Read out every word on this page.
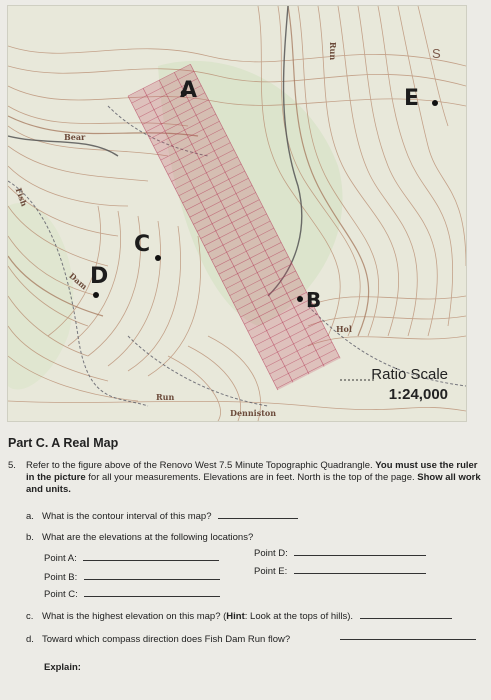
A
B
C
D
E
S
Bear
Fish
Dam
Run
Run
Denniston
Hol
Ratio Scale
1:24,000
Part C. A Real Map
5.	Refer to the figure above of the Renovo West 7.5 Minute Topographic Quadrangle. You must use the ruler in the picture for all your measurements. Elevations are in feet. North is the top of the page. Show all work and units.
a. What is the contour interval of this map?
b. What are the elevations at the following locations?
Point A:
Point B:
Point C:
Point D:
Point E:
c. What is the highest elevation on this map? (Hint: Look at the tops of hills).
d. Toward which compass direction does Fish Dam Run flow?
Explain:
